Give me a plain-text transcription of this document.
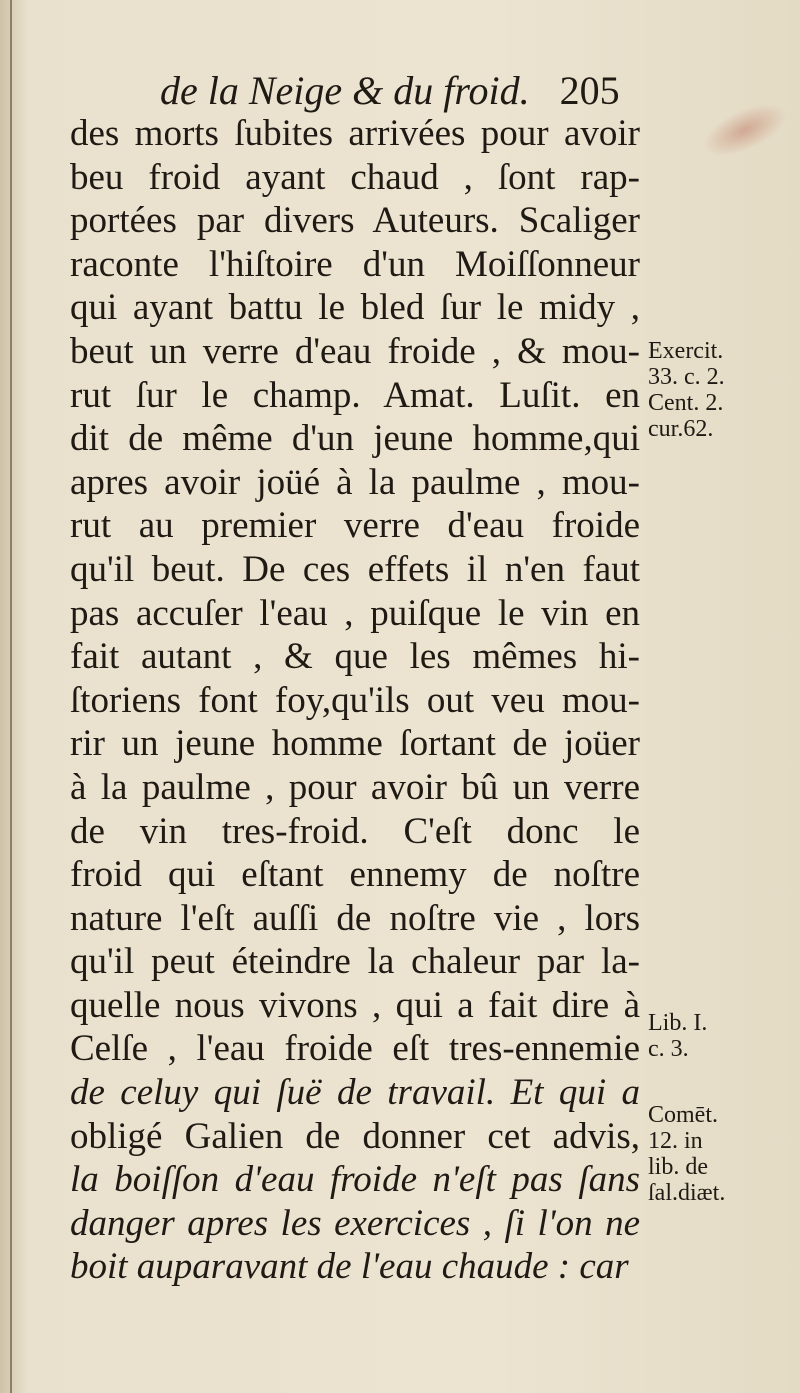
de la Neige & du froid. 205
des morts ſubites arrivées pour avoir
beu froid ayant chaud , ſont rap-
portées par divers Auteurs. Scaliger
raconte l'hiſtoire d'un Moiſſonneur
qui ayant battu le bled ſur le midy ,
beut un verre d'eau froide , & mou-
rut ſur le champ. Amat. Luſit. en
dit de même d'un jeune homme,qui
apres avoir joüé à la paulme , mou-
rut au premier verre d'eau froide
qu'il beut. De ces effets il n'en faut
pas accuſer l'eau , puiſque le vin en
fait autant , & que les mêmes hi-
ſtoriens font foy,qu'ils out veu mou-
rir un jeune homme ſortant de joüer
à la paulme , pour avoir bû un verre
de vin tres-froid. C'eſt donc le
froid qui eſtant ennemy de noſtre
nature l'eſt auſſi de noſtre vie , lors
qu'il peut éteindre la chaleur par la-
quelle nous vivons , qui a fait dire à
Celſe , l'eau froide eſt tres-ennemie
de celuy qui ſuë de travail. Et qui a
obligé Galien de donner cet advis,
la boiſſon d'eau froide n'eſt pas ſans
danger apres les exercices , ſi l'on ne
boit auparavant de l'eau chaude : car
Exercit.
33. c. 2.
Cent. 2.
cur.62.
Lib. I.
c. 3.
Comēt.
12. in
lib. de
ſal.diæt.
